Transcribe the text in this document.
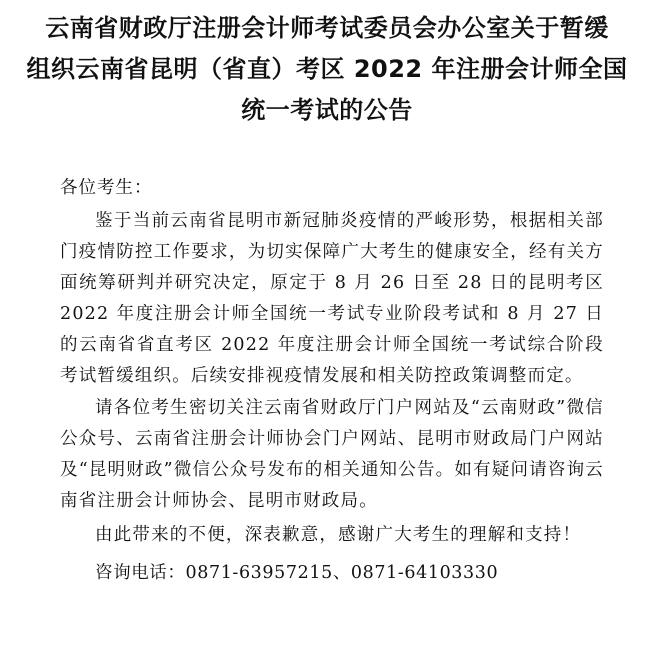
云南省财政厅注册会计师考试委员会办公室关于暂缓
组织云南省昆明（省直）考区 2022 年注册会计师全国
统一考试的公告
各位考生：

鉴于当前云南省昆明市新冠肺炎疫情的严峻形势，根据相关部门疫情防控工作要求，为切实保障广大考生的健康安全，经有关方面统筹研判并研究决定，原定于 8 月 26 日至 28 日的昆明考区 2022 年度注册会计师全国统一考试专业阶段考试和 8 月 27 日的云南省省直考区 2022 年度注册会计师全国统一考试综合阶段考试暂缓组织。后续安排视疫情发展和相关防控政策调整而定。

请各位考生密切关注云南省财政厅门户网站及“云南财政”微信公众号、云南省注册会计师协会门户网站、昆明市财政局门户网站及“昆明财政”微信公众号发布的相关通知公告。如有疑问请咨询云南省注册会计师协会、昆明市财政局。

由此带来的不便，深表歉意，感谢广大考生的理解和支持！

咨询电话：0871-63957215、0871-64103330
